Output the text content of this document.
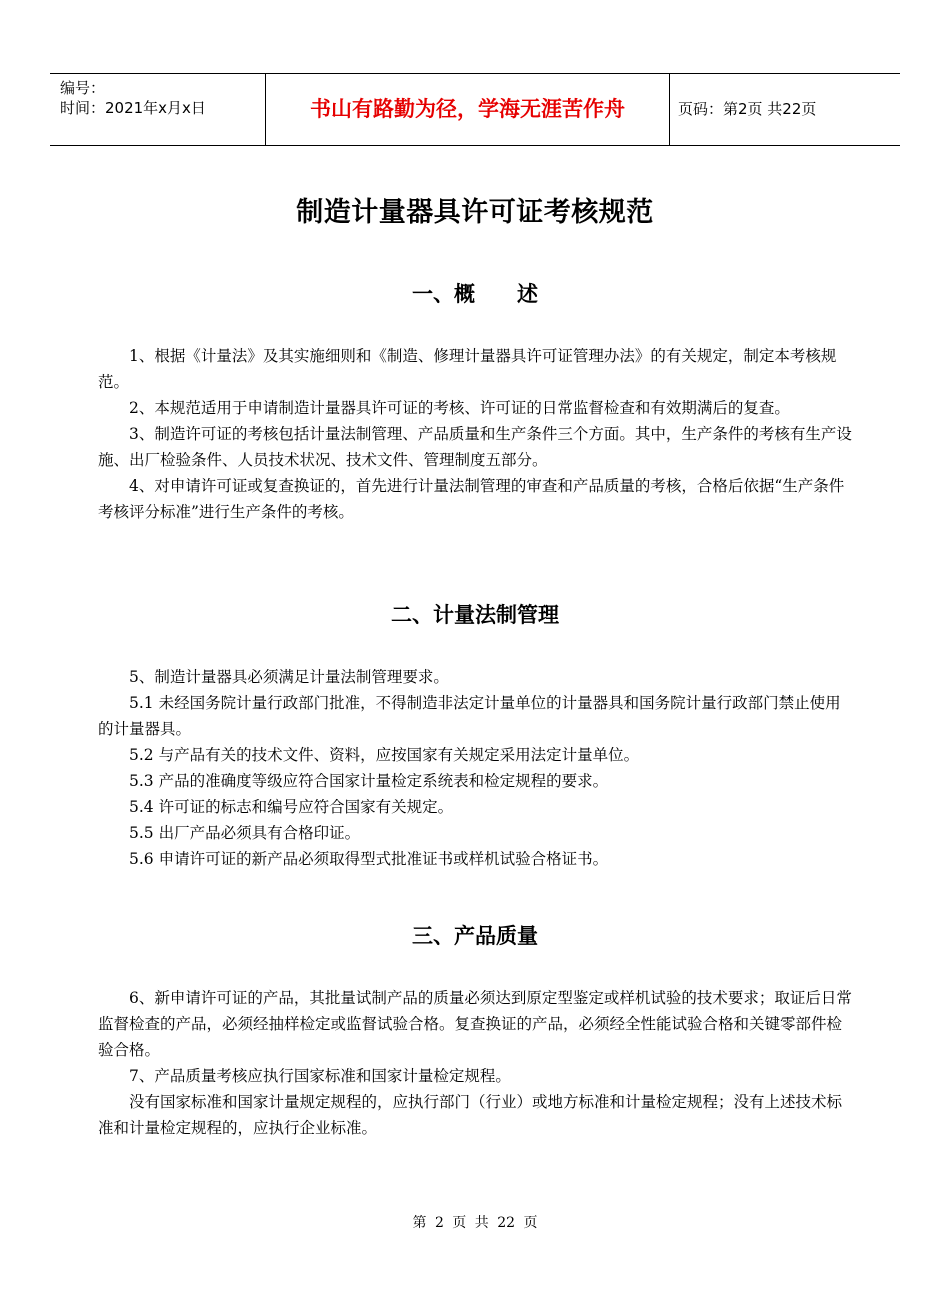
编号：
时间：2021年x月x日	书山有路勤为径，学海无涯苦作舟	页码：第2页 共22页
制造计量器具许可证考核规范
一、概　　述

1、根据《计量法》及其实施细则和《制造、修理计量器具许可证管理办法》的有关规定，制定本考核规范。

2、本规范适用于申请制造计量器具许可证的考核、许可证的日常监督检查和有效期满后的复查。

3、制造许可证的考核包括计量法制管理、产品质量和生产条件三个方面。其中，生产条件的考核有生产设施、出厂检验条件、人员技术状况、技术文件、管理制度五部分。

4、对申请许可证或复查换证的，首先进行计量法制管理的审查和产品质量的考核，合格后依据“生产条件考核评分标准”进行生产条件的考核。

二、计量法制管理

5、制造计量器具必须满足计量法制管理要求。

5.1 未经国务院计量行政部门批准，不得制造非法定计量单位的计量器具和国务院计量行政部门禁止使用的计量器具。

5.2 与产品有关的技术文件、资料，应按国家有关规定采用法定计量单位。

5.3 产品的准确度等级应符合国家计量检定系统表和检定规程的要求。

5.4 许可证的标志和编号应符合国家有关规定。

5.5 出厂产品必须具有合格印证。

5.6 申请许可证的新产品必须取得型式批准证书或样机试验合格证书。

三、产品质量

6、新申请许可证的产品，其批量试制产品的质量必须达到原定型鉴定或样机试验的技术要求；取证后日常监督检查的产品，必须经抽样检定或监督试验合格。复查换证的产品，必须经全性能试验合格和关键零部件检验合格。

7、产品质量考核应执行国家标准和国家计量检定规程。

没有国家标准和国家计量规定规程的，应执行部门（行业）或地方标准和计量检定规程；没有上述技术标准和计量检定规程的，应执行企业标准。

第 2 页 共 22 页
